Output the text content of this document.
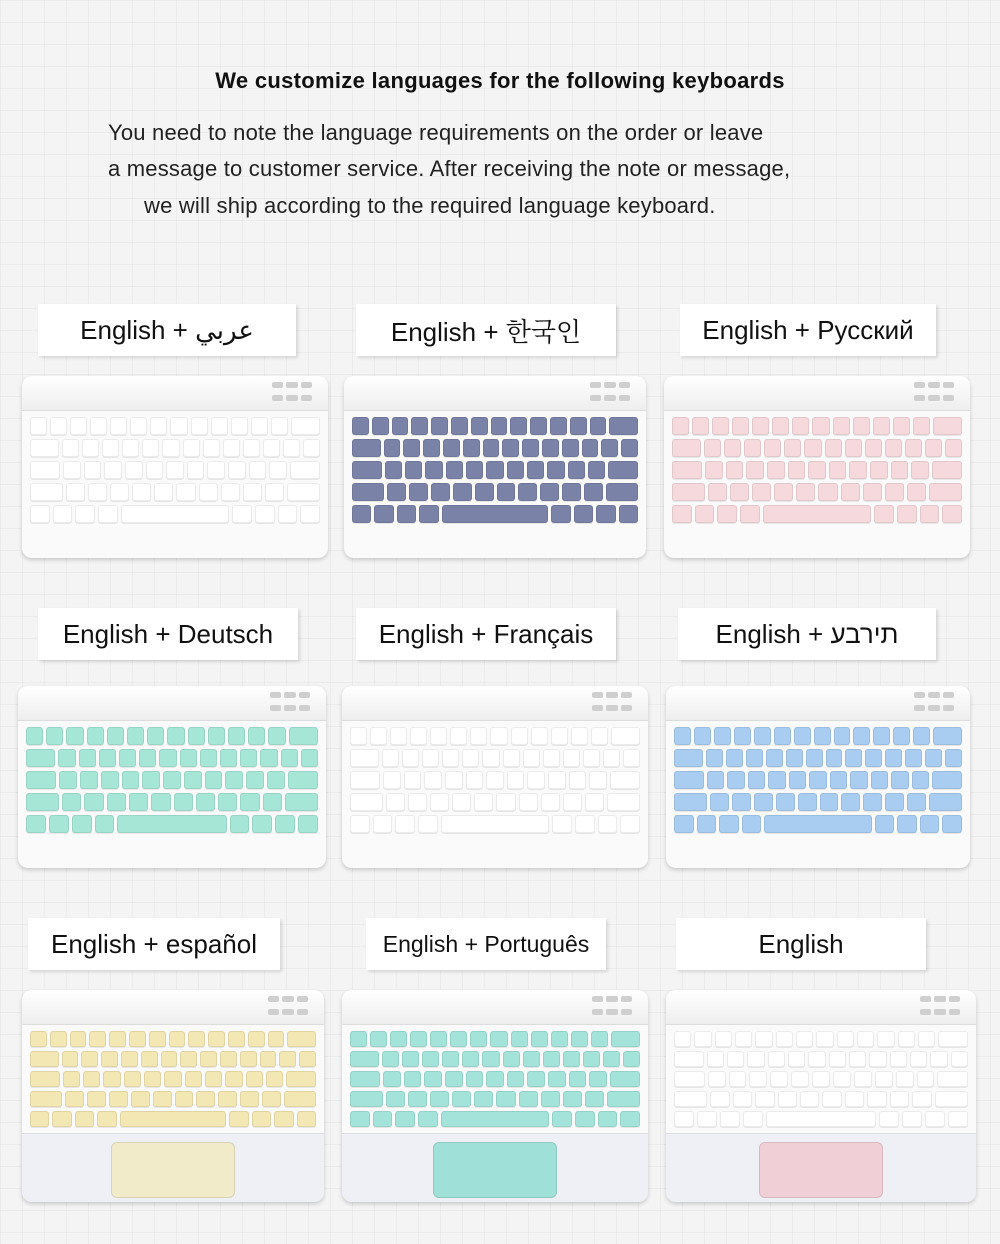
We customize languages for the following keyboards
You need to note the language requirements on the order or leave
a message to customer service. After receiving the note or message,
we will ship according to the required language keyboard.
English + عربي	English + 한국인	English + Русский
English + Deutsch	English + Français	English + תירבע
English + español	English + Português	English
